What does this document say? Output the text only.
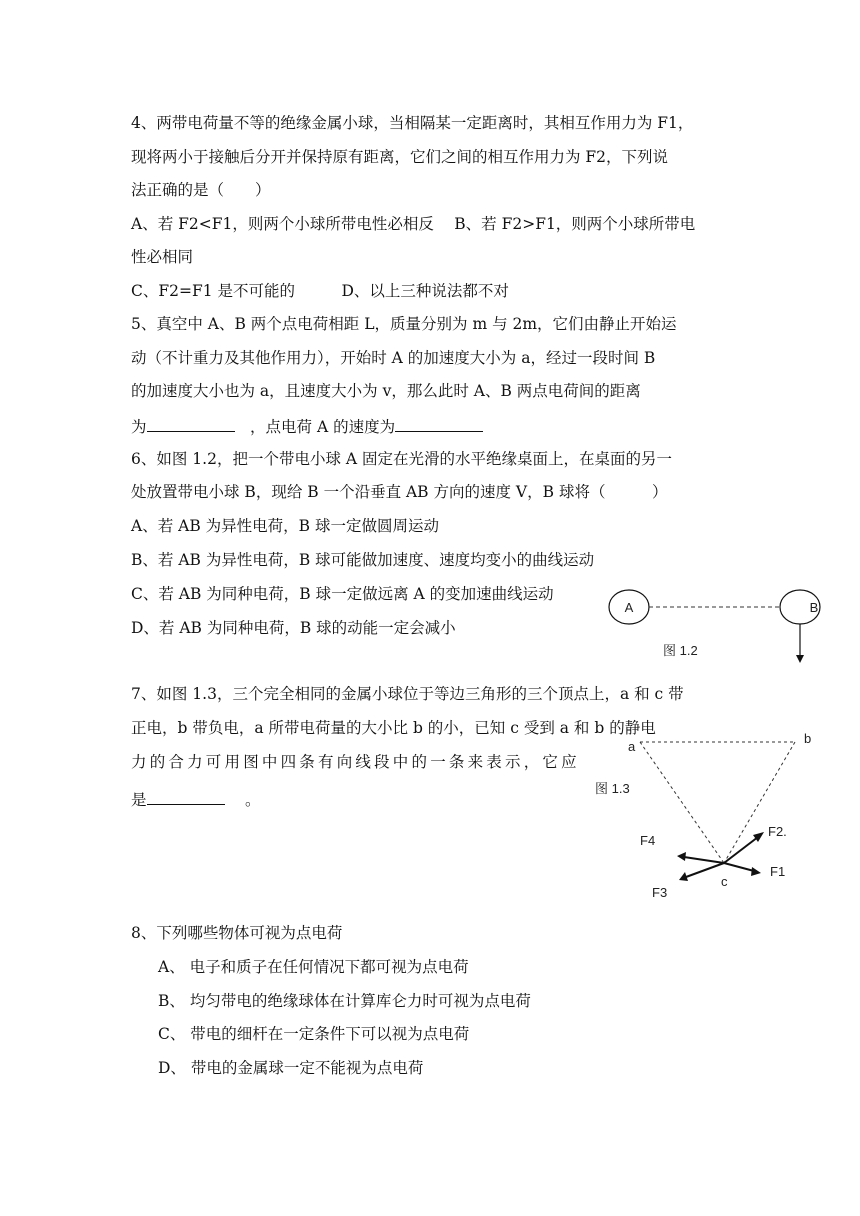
4、两带电荷量不等的绝缘金属小球，当相隔某一定距离时，其相互作用力为 F1，
现将两小于接触后分开并保持原有距离，它们之间的相互作用力为 F2，下列说
法正确的是（　　）
A、若 F2<F1，则两个小球所带电性必相反　 B、若 F2>F1，则两个小球所带电
性必相同
C、F2=F1 是不可能的　　　D、以上三种说法都不对
5、真空中 A、B 两个点电荷相距 L，质量分别为 m 与 2m，它们由静止开始运
动（不计重力及其他作用力），开始时 A 的加速度大小为 a，经过一段时间 B
的加速度大小也为 a，且速度大小为 v，那么此时 A、B 两点电荷间的距离
为　	，点电荷 A 的速度为
6、如图 1.2，把一个带电小球 A 固定在光滑的水平绝缘桌面上，在桌面的另一
处放置带电小球 B，现给 B 一个沿垂直 AB 方向的速度 V，B 球将（　　　）
A、若 AB 为异性电荷，B 球一定做圆周运动
B、若 AB 为异性电荷，B 球可能做加速度、速度均变小的曲线运动
C、若 AB 为同种电荷，B 球一定做远离 A 的变加速曲线运动
D、若 AB 为同种电荷，B 球的动能一定会减小
A	B
图 1.2
7、如图 1.3，三个完全相同的金属小球位于等边三角形的三个顶点上，a 和 c 带
正电，b 带负电，a 所带电荷量的大小比 b 的小，已知 c 受到 a 和 b 的静电
力的合力可用图中四条有向线段中的一条来表示，它应
是　	。
a
b
c
图 1.3
F2.
F4
F1
F3
8、下列哪些物体可视为点电荷
A、 电子和质子在任何情况下都可视为点电荷
B、 均匀带电的绝缘球体在计算库仑力时可视为点电荷
C、 带电的细杆在一定条件下可以视为点电荷
D、 带电的金属球一定不能视为点电荷
